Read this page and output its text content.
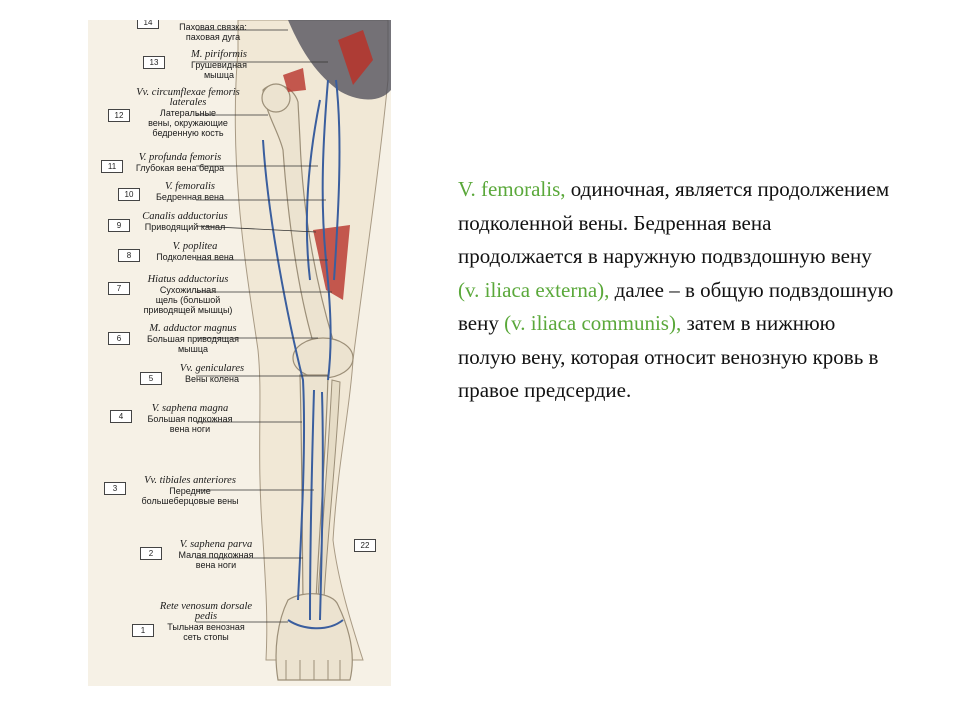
14	Паховая связка:
паховая дуга
13
M. piriformis
Грушевидная
мышца
12
Vv. circumflexae femoris laterales
Латеральные
вены, окружающие
бедренную кость
11
V. profunda femoris
Глубокая вена бедра
10
V. femoralis
Бедренная вена
9
Canalis adductorius
Приводящий канал
8
V. poplitea
Подколенная вена
7
Hiatus adductorius
Сухожильная
щель (большой
приводящей мышцы)
6
M. adductor magnus
Большая приводящая
мышца
5
Vv. geniculares
Вены колена
4
V. saphena magna
Большая подкожная
вена ноги
3
Vv. tibiales anteriores
Передние
большеберцовые вены
2
V. saphena parva
Малая подкожная
вена ноги
1
Rete venosum dorsale pedis
Тыльная венозная
сеть стопы
22
V. femoralis, одиночная, является продолжением подколенной вены. Бедренная вена продолжается в наружную подвздошную вену (v. iliaca externa), далее – в общую подвздошную вену (v. iliaca communis), затем в нижнюю полую вену, которая относит венозную кровь в правое предсердие.
